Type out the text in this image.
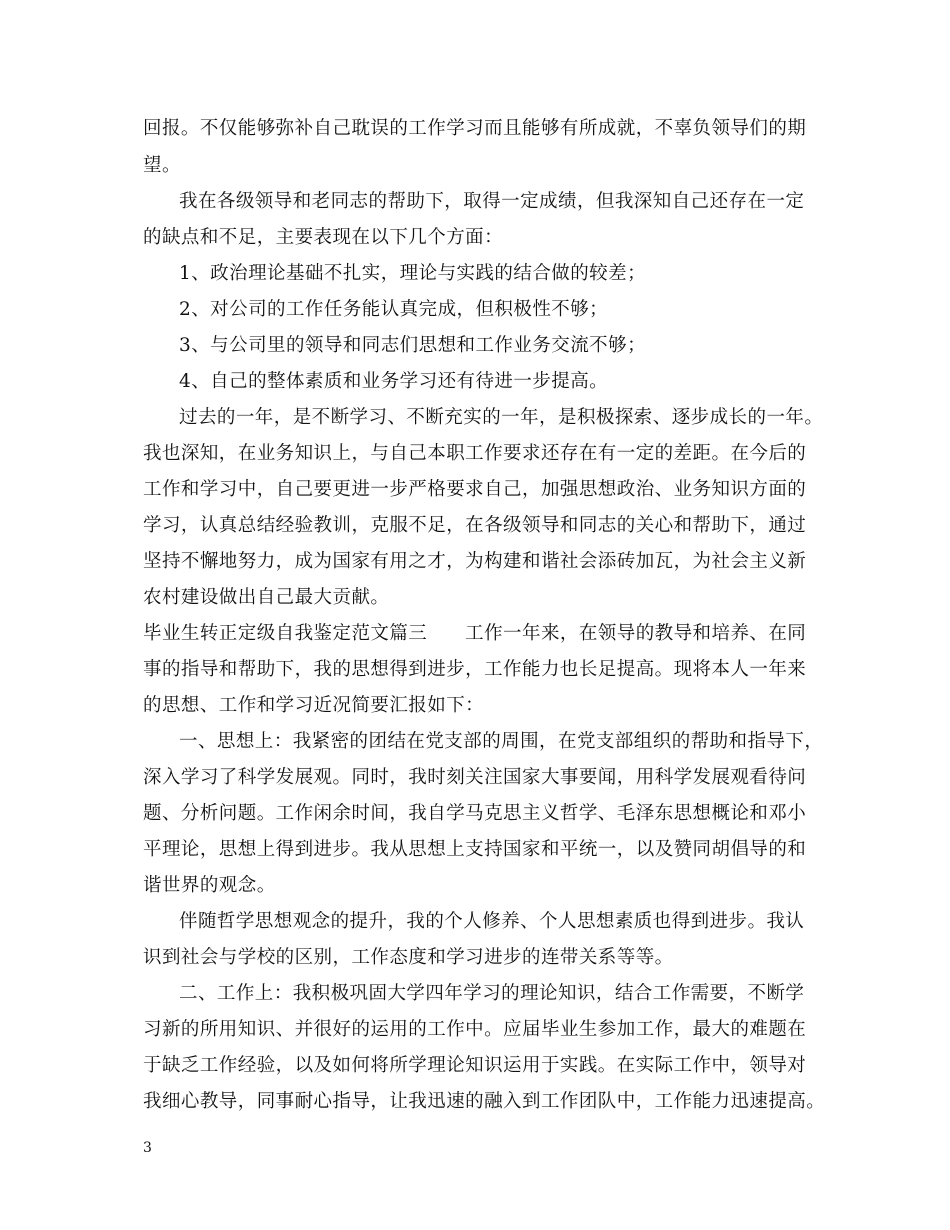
回报。不仅能够弥补自己耽误的工作学习而且能够有所成就，不辜负领导们的期
望。
我在各级领导和老同志的帮助下，取得一定成绩，但我深知自己还存在一定
的缺点和不足，主要表现在以下几个方面：
1、政治理论基础不扎实，理论与实践的结合做的较差；
2、对公司的工作任务能认真完成，但积极性不够；
3、与公司里的领导和同志们思想和工作业务交流不够；
4、自己的整体素质和业务学习还有待进一步提高。
过去的一年，是不断学习、不断充实的一年，是积极探索、逐步成长的一年。
我也深知，在业务知识上，与自己本职工作要求还存在有一定的差距。在今后的
工作和学习中，自己要更进一步严格要求自己，加强思想政治、业务知识方面的
学习，认真总结经验教训，克服不足，在各级领导和同志的关心和帮助下，通过
坚持不懈地努力，成为国家有用之才，为构建和谐社会添砖加瓦，为社会主义新
农村建设做出自己最大贡献。
毕业生转正定级自我鉴定范文篇三　　工作一年来，在领导的教导和培养、在同
事的指导和帮助下，我的思想得到进步，工作能力也长足提高。现将本人一年来
的思想、工作和学习近况简要汇报如下：
一、思想上：我紧密的团结在党支部的周围，在党支部组织的帮助和指导下，
深入学习了科学发展观。同时，我时刻关注国家大事要闻，用科学发展观看待问
题、分析问题。工作闲余时间，我自学马克思主义哲学、毛泽东思想概论和邓小
平理论，思想上得到进步。我从思想上支持国家和平统一，以及赞同胡倡导的和
谐世界的观念。
伴随哲学思想观念的提升，我的个人修养、个人思想素质也得到进步。我认
识到社会与学校的区别，工作态度和学习进步的连带关系等等。
二、工作上：我积极巩固大学四年学习的理论知识，结合工作需要，不断学
习新的所用知识、并很好的运用的工作中。应届毕业生参加工作，最大的难题在
于缺乏工作经验，以及如何将所学理论知识运用于实践。在实际工作中，领导对
我细心教导，同事耐心指导，让我迅速的融入到工作团队中，工作能力迅速提高。
3
